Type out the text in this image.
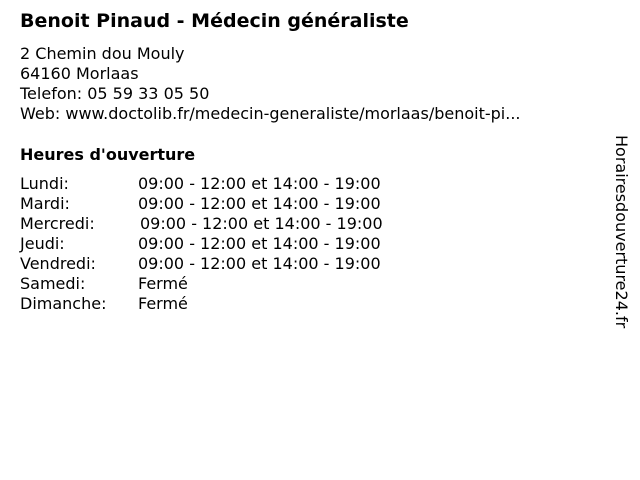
Benoit Pinaud - Médecin généraliste
2 Chemin dou Mouly
64160 Morlaas
Telefon: 05 59 33 05 50
Web: www.doctolib.fr/medecin-generaliste/morlaas/benoit-pi...
Heures d'ouverture
Lundi:	09:00 - 12:00 et 14:00 - 19:00
Mardi:	09:00 - 12:00 et 14:00 - 19:00
Mercredi:	09:00 - 12:00 et 14:00 - 19:00
Jeudi:	09:00 - 12:00 et 14:00 - 19:00
Vendredi:	09:00 - 12:00 et 14:00 - 19:00
Samedi:	Fermé
Dimanche: Fermé	Horairesdouverture24.fr
